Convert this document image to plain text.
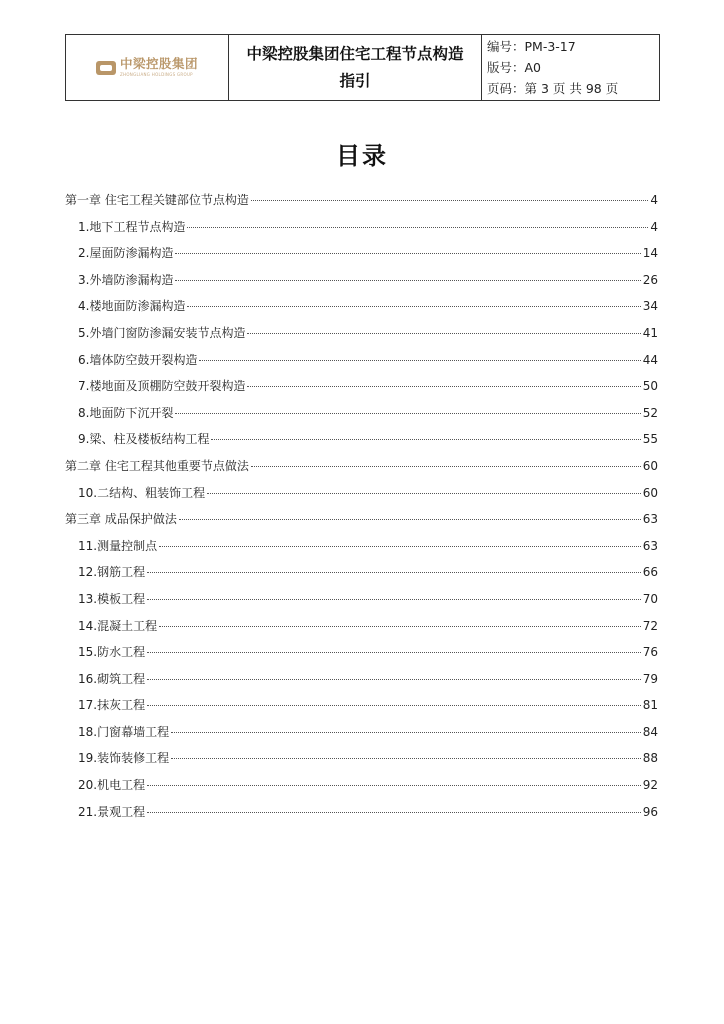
中梁控股集团
ZHONGLIANG HOLDINGS GROUP
中梁控股集团住宅工程节点构造指引
编号：PM-3-17
版号：A0
页码：第 3 页 共 98 页
目录
第一章 住宅工程关键部位节点构造	4
1.地下工程节点构造	4
2.屋面防渗漏构造	14
3.外墙防渗漏构造	26
4.楼地面防渗漏构造	34
5.外墙门窗防渗漏安装节点构造	41
6.墙体防空鼓开裂构造	44
7.楼地面及顶棚防空鼓开裂构造	50
8.地面防下沉开裂	52
9.梁、柱及楼板结构工程	55
第二章 住宅工程其他重要节点做法	60
10.二结构、粗装饰工程	60
第三章 成品保护做法	63
11.测量控制点	63
12.钢筋工程	66
13.模板工程	70
14.混凝土工程	72
15.防水工程	76
16.砌筑工程	79
17.抹灰工程	81
18.门窗幕墙工程	84
19.装饰装修工程	88
20.机电工程	92
21.景观工程	96
